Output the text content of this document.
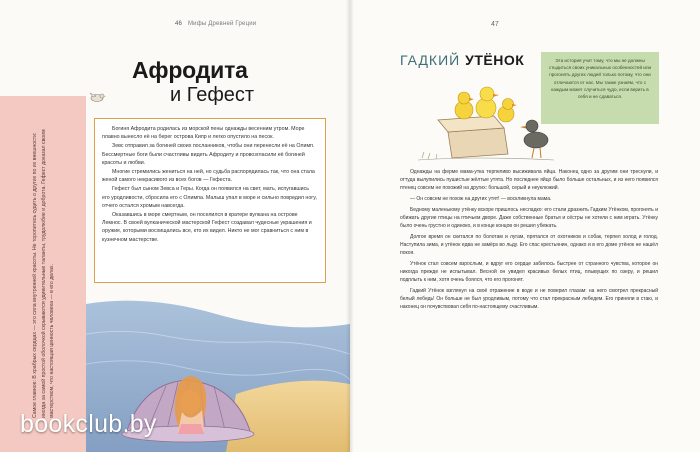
46 Мифы Древней Греции
Самое главное: В храбрых сердцах — это сила внутренней красоты. Не торопитесь судить о других по их внешности: иногда за самой простой оболочкой скрываются удивительные таланты, трудолюбие и доброта. Гефест доказал своим мастерством, что настоящая ценность человека — в его делах.
Афродита
и Гефест

Богиня Афродита родилась из морской пены однажды весенним утром. Море плавно вынесло её на берег острова Кипр и легко опустило на песок.

Зевс отправил за богиней своих посланников, чтобы они перенесли её на Олимп. Бессмертные боги были счастливы видеть Афродиту и провозгласили её богиней красоты и любви.

Многие стремились жениться на ней, но судьба распорядилась так, что она стала женой самого некрасивого из всех богов — Гефеста.

Гефест был сыном Зевса и Геры. Когда он появился на свет, мать, испугавшись его уродливости, сбросила его с Олимпа. Малыш упал в море и сильно повредил ногу, отчего остался хромым навсегда.

Оказавшись в море смертным, он поселился в кратере вулкана на острове Лемнос. В своей вулканической мастерской Гефест создавал чудесные украшения и оружие, которыми восхищались все, кто их видел. Никто не мог сравниться с ним в кузнечном мастерстве.

bookclub.by
47
ГАДКИЙ УТЁНОК	Эта история учит тому, что мы не должны стыдиться своих уникальных особенностей или прогонять других людей только потому, что они отличаются от нас. Мы также узнаём, что с каждым может случиться чудо, если верить в себя и не сдаваться.

Однажды на ферме мама-утка терпеливо высиживала яйца. Наконец одно за другим они треснули, и оттуда вылупились пушистые жёлтые утята. Но последнее яйцо было больше остальных, и из него появился птенец совсем не похожий на других: большой, серый и неуклюжий.

— Он совсем не похож на других утят! — воскликнула мама.

Бедному маленькому утёнку вскоре пришлось несладко: его стали дразнить Гадким Утёнком, прогонять и обижать другие птицы на птичьем дворе. Даже собственные братья и сёстры не хотели с ним играть. Утёнку было очень грустно и одиноко, и в конце концов он решил убежать.

Долгое время он скитался по болотам и лугам, прятался от охотников и собак, терпел холод и голод. Наступила зима, и утёнок едва не замёрз во льду. Его спас крестьянин, однако и в его доме утёнок не нашёл покоя.

Утёнок стал совсем взрослым, и вдруг его сердце забилось быстрее от странного чувства, которое он никогда прежде не испытывал. Весной он увидел красивых белых птиц, плывущих по озеру, и решил подплыть к ним, хотя очень боялся, что его прогонят.

Гадкий Утёнок взглянул на своё отражение в воде и не поверил глазам: на него смотрел прекрасный белый лебедь! Он больше не был уродливым, потому что стал прекрасным лебедем. Его приняли в стаю, и наконец он почувствовал себя по-настоящему счастливым.
